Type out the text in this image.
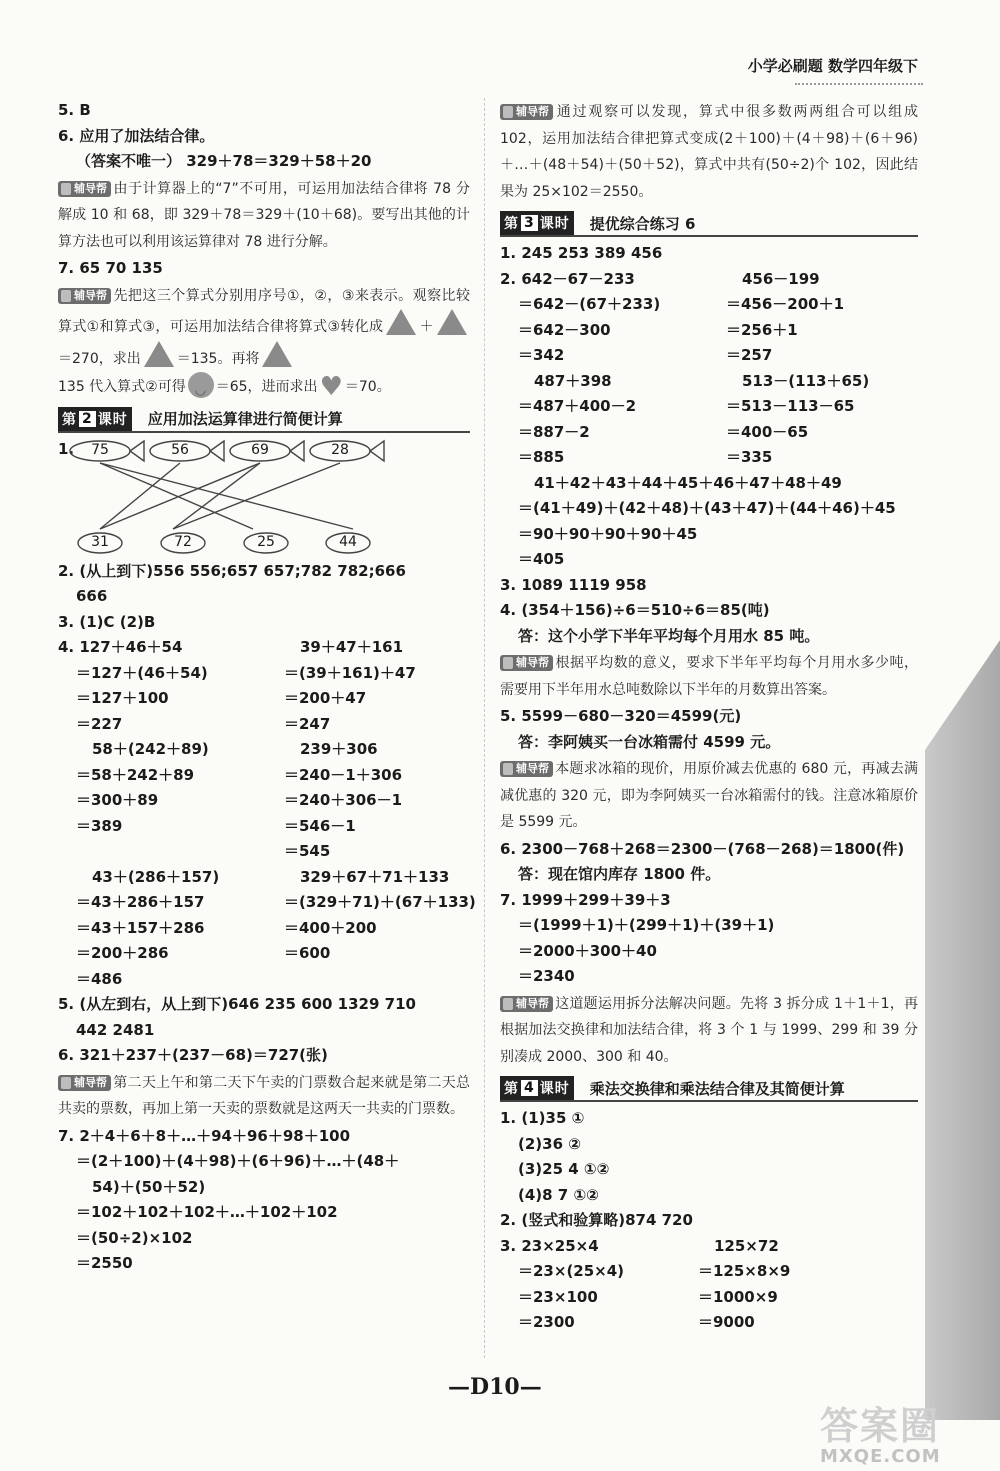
小学必刷题 数学四年级下
5. B
6. 应用了加法结合律。
（答案不唯一） 329＋78＝329＋58＋20
辅导帮 由于计算器上的“7”不可用，可运用加法结合律将 78 分解成 10 和 68，即 329＋78＝329＋(10＋68)。要写出其他的计算方法也可以利用该运算律对 78 进行分解。
7. 65 70 135
辅导帮 先把这三个算式分别用序号①，②，③来表示。观察比较算式①和算式③，可运用加法结合律将算式③转化成	＋＝270，求出	＝135。再将
135 代入算式②可得◡ ＝65，进而求出♥ ＝70。
第 2 课时	应用加法运算律进行简便计算
1.	75	56	69	28
31	72	25	44
2. (从上到下)556 556;657 657;782 782;666
666
3. (1)C (2)B
4. 127＋46＋54	39＋47＋161
＝127＋(46＋54)	＝(39＋161)＋47
＝127＋100	＝200＋47
＝227	＝247
58＋(242＋89)	239＋306
＝58＋242＋89	＝240－1＋306
＝300＋89	＝240＋306－1
＝389	＝546－1
＝545
43＋(286＋157)	329＋67＋71＋133
＝43＋286＋157	＝(329＋71)＋(67＋133)
＝43＋157＋286	＝400＋200
＝200＋286	＝600
＝486
5. (从左到右，从上到下)646 235 600 1329 710
442 2481
6. 321＋237＋(237－68)＝727(张)
辅导帮 第二天上午和第二天下午卖的门票数合起来就是第二天总共卖的票数，再加上第一天卖的票数就是这两天一共卖的门票数。
7. 2＋4＋6＋8＋…＋94＋96＋98＋100
＝(2＋100)＋(4＋98)＋(6＋96)＋…＋(48＋
54)＋(50＋52)
＝102＋102＋102＋…＋102＋102
＝(50÷2)×102
＝2550
辅导帮 通过观察可以发现，算式中很多数两两组合可以组成 102，运用加法结合律把算式变成(2＋100)＋(4＋98)＋(6＋96)＋…＋(48＋54)＋(50＋52)，算式中共有(50÷2)个 102，因此结果为 25×102＝2550。
第 3 课时	提优综合练习 6
1. 245 253 389 456
2. 642－67－233	456－199
＝642－(67＋233)	＝456－200＋1
＝642－300	＝256＋1
＝342	＝257
487＋398	513－(113＋65)
＝487＋400－2	＝513－113－65
＝887－2	＝400－65
＝885	＝335
41＋42＋43＋44＋45＋46＋47＋48＋49
＝(41＋49)＋(42＋48)＋(43＋47)＋(44＋46)＋45
＝90＋90＋90＋90＋45
＝405
3. 1089 1119 958
4. (354＋156)÷6＝510÷6＝85(吨)
答：这个小学下半年平均每个月用水 85 吨。
辅导帮 根据平均数的意义，要求下半年平均每个月用水多少吨，需要用下半年用水总吨数除以下半年的月数算出答案。
5. 5599－680－320＝4599(元)
答：李阿姨买一台冰箱需付 4599 元。
辅导帮 本题求冰箱的现价，用原价减去优惠的 680 元，再减去满减优惠的 320 元，即为李阿姨买一台冰箱需付的钱。注意冰箱原价是 5599 元。
6. 2300－768＋268＝2300－(768－268)＝1800(件)
答：现在馆内库存 1800 件。
7. 1999＋299＋39＋3
＝(1999＋1)＋(299＋1)＋(39＋1)
＝2000＋300＋40
＝2340
辅导帮 这道题运用拆分法解决问题。先将 3 拆分成 1＋1＋1，再根据加法交换律和加法结合律，将 3 个 1 与 1999、299 和 39 分别凑成 2000、300 和 40。
第 4 课时	乘法交换律和乘法结合律及其简便计算
1. (1)35 ①
(2)36 ②
(3)25 4 ①②
(4)8 7 ①②
2. (竖式和验算略)874 720
3. 23×25×4	125×72
＝23×(25×4)	＝125×8×9
＝23×100	＝1000×9
＝2300	＝9000
—D10—
答案圈
MXQE.COM
